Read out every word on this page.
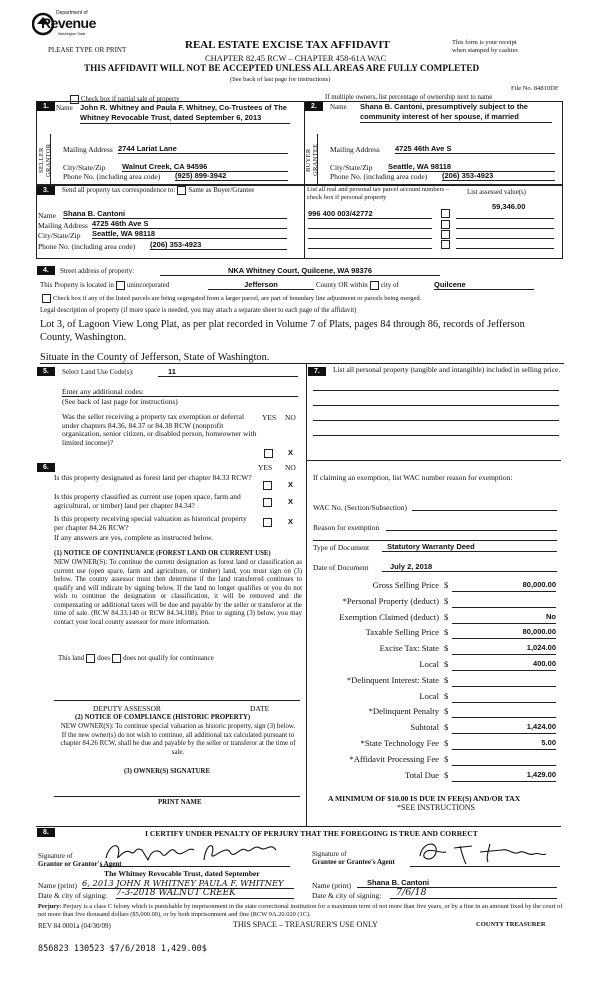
Department of
Revenue
Washington State
PLEASE TYPE OR PRINT	REAL ESTATE EXCISE TAX AFFIDAVIT
CHAPTER 82.45 RCW – CHAPTER 458-61A WAC
THIS AFFIDAVIT WILL NOT BE ACCEPTED UNLESS ALL AREAS ARE FULLY COMPLETED
(See back of last page for instructions)
This form is your receipt
when stamped by cashier.
File No. 84810DF
Check box if partial sale of property	If multiple owners, list percentage of ownership next to name
1.	Name John R. Whitney and Paula F. Whitney, Co-Trustees of The Whitney Revocable Trust, dated September 6, 2013
SELLER GRANTOR Mailing Address 2744 Lariat Lane
City/State/Zip Walnut Creek, CA 94596
Phone No. (including area code) (925) 899-3942
2.	Name Shana B. Cantoni, presumptively subject to the community interest of her spouse, if married
BUYER GRANTEE Mailing Address 4725 46th Ave S
City/State/Zip Seattle, WA 98118
Phone No. (including area code) (206) 353-4923
3.	Send all property tax correspondence to: Same as Buyer/Grantee
Name Shana B. Cantoni
Mailing Address 4725 46th Ave S
City/State/Zip Seattle, WA 98118
Phone No. (including area code) (206) 353-4923
List all real and personal tax parcel account numbers – check box if personal property
List assessed value(s)
59,346.00
996 400 003/42772
4.	Street address of property:	NKA Whitney Court, Quilcene, WA 98376
This Property is located in unincorporated	Jefferson	County OR within city of	Quilcene
Check box if any of the listed parcels are being segregated from a larger parcel, are part of boundary line adjustment or parcels being merged.
Legal description of property (if more space is needed, you may attach a separate sheet to each page of the affidavit)
Lot 3, of Lagoon View Long Plat, as per plat recorded in Volume 7 of Plats, pages 84 through 86, records of Jefferson
County, Washington.
Situate in the County of Jefferson, State of Washington.
5.	Select Land Use Code(s):	11
Enter any additional codes:
(See back of last page for instructions)
YES NO
Was the seller receiving a property tax exemption or deferral under chapters 84.36, 84.37 or 84.38 RCW (nonprofit organization, senior citizen, or disabled person, homeowner with limited income)?
X
6.	YES NO
Is this property designated as forest land per chapter 84.33 RCW?
X
Is this property classified as current use (open space, farm and agricultural, or timber) land per chapter 84.34?	X
Is this property receiving special valuation as historical property per chapter 84.26 RCW?
X
If any answers are yes, complete as instructed below.
(1) NOTICE OF CONTINUANCE (FOREST LAND OR CURRENT USE)
NEW OWNER(S): To continue the current designation as forest land or classification as current use (open space, farm and agriculture, or timber) land, you must sign on (3) below. The county assessor must then determine if the land transferred continues to qualify and will indicate by signing below. If the land no longer qualifies or you do not wish to continue the designation or classification, it will be removed and the compensating or additional taxes will be due and payable by the seller or transferor at the time of sale. (RCW 84.33.140 or RCW 84.34.108). Prior to signing (3) below, you may contact your local county assessor for more information.
This land does does not qualify for continuance
DEPUTY ASSESSOR	DATE
(2) NOTICE OF COMPLIANCE (HISTORIC PROPERTY)
NEW OWNER(S): To continue special valuation as historic property, sign (3) below. If the new owner(s) do not wish to continue, all additional tax calculated pursuant to chapter 84.26 RCW, shall be due and payable by the seller or transferor at the time of sale.
(3) OWNER(S) SIGNATURE
PRINT NAME
7.	List all personal property (tangible and intangible) included in selling price.
If claiming an exemption, list WAC number reason for exemption:
WAC No. (Section/Subsection)
Reason for exemption
Type of Document	Statutory Warranty Deed
Date of Document	July 2, 2018
Gross Selling Price $	80,000.00
*Personal Property (deduct) $
Exemption Claimed (deduct) $	No
Taxable Selling Price $	80,000.00
Excise Tax: State $	1,024.00
Local $	400.00
*Delinquent Interest: State $
Local $
*Delinquent Penalty $
Subtotal $	1,424.00
*State Technology Fee $	5.00
*Affidavit Processing Fee $
Total Due $	1,429.00
A MINIMUM OF $10.00 IS DUE IN FEE(S) AND/OR TAX
*SEE INSTRUCTIONS
8.	I CERTIFY UNDER PENALTY OF PERJURY THAT THE FOREGOING IS TRUE AND CORRECT
Signature of
Grantor or Grantor's Agent
Signature of
Grantee or Grantee's Agent
The Whitney Revocable Trust, dated September
Name (print) 6, 2013 JOHN R WHITNEY PAULA F. WHITNEY
Date & city of signing: 7-3-2018 WALNUT CREEK
Name (print)	Shana B. Cantoni
Date & city of signing:	7/6/18
Perjury: Perjury is a class C felony which is punishable by imprisonment in the state correctional institution for a maximum term of not more than five years, or by a fine in an amount fixed by the court of not more than five thousand dollars ($5,000.00), or by both imprisonment and fine (RCW 9A.20.020 (1C).
REV 84 0001a (04/30/09)	THIS SPACE – TREASURER'S USE ONLY	COUNTY TREASURER
856823 130523 $7/6/2018 1,429.00$
